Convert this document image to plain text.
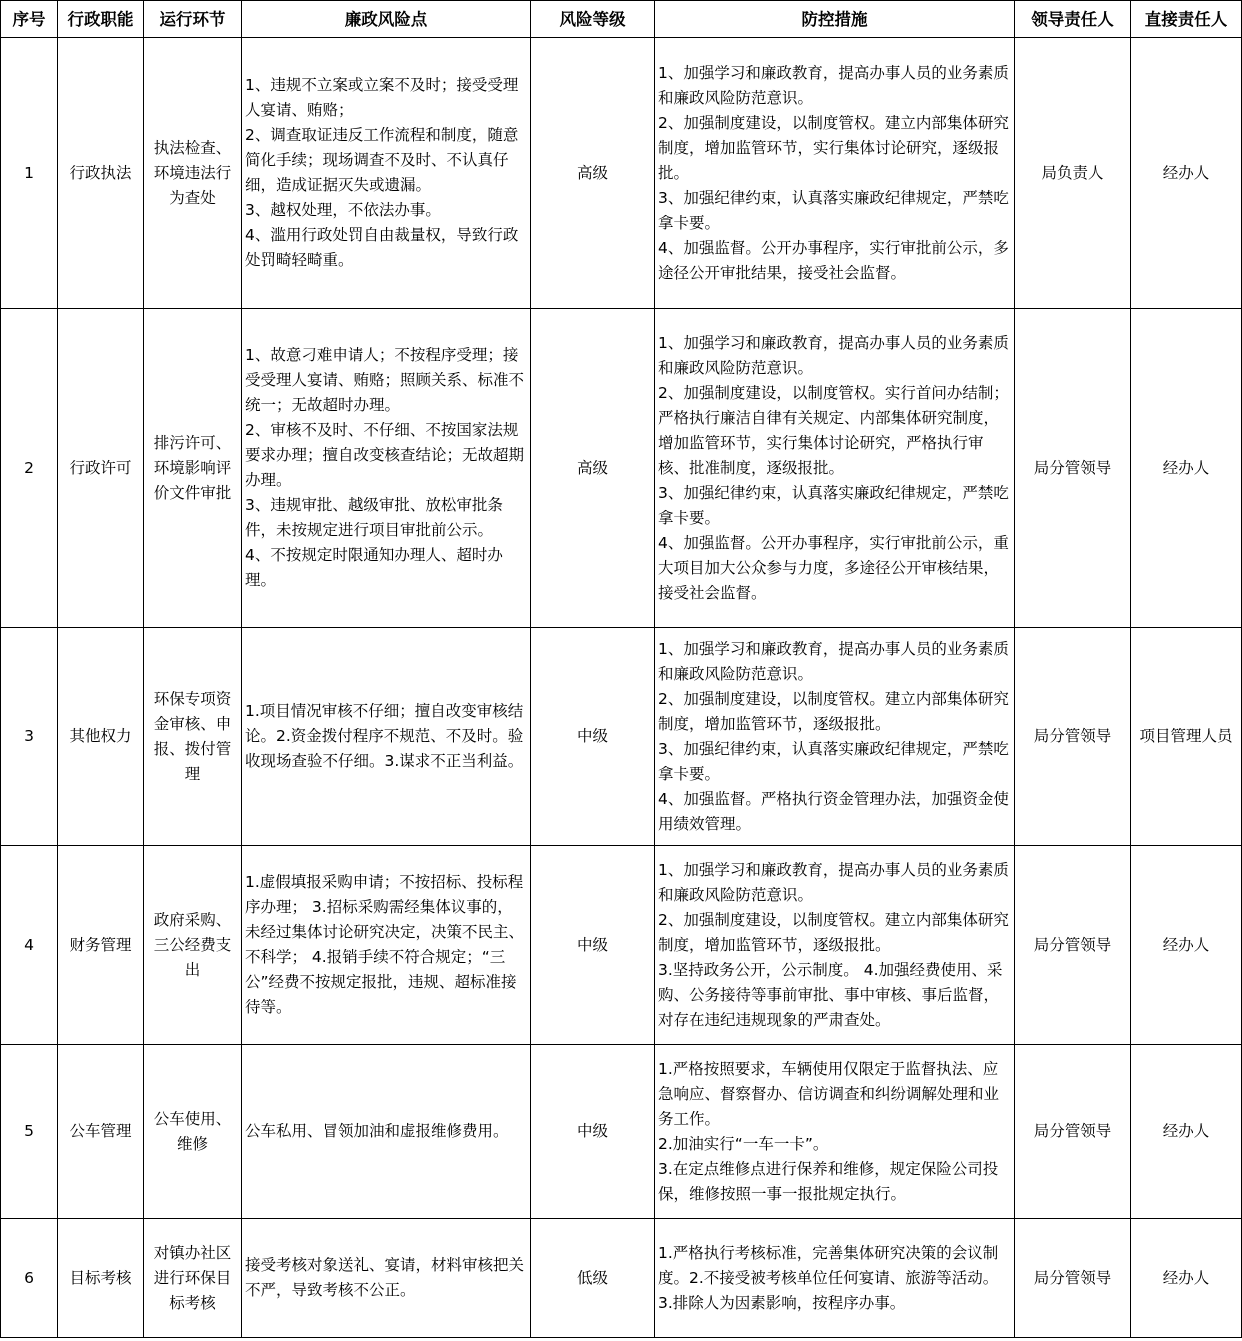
序号	行政职能	运行环节	廉政风险点	风险等级	防控措施	领导责任人	直接责任人
1	行政执法	执法检查、环境违法行为查处	1、违规不立案或立案不及时；接受受理人宴请、贿赂；
2、调查取证违反工作流程和制度，随意简化手续；现场调查不及时、不认真仔细，造成证据灭失或遗漏。
3、越权处理，不依法办事。
4、滥用行政处罚自由裁量权，导致行政处罚畸轻畸重。	高级	1、加强学习和廉政教育，提高办事人员的业务素质和廉政风险防范意识。
2、加强制度建设，以制度管权。建立内部集体研究制度，增加监管环节，实行集体讨论研究，逐级报批。
3、加强纪律约束，认真落实廉政纪律规定，严禁吃拿卡要。
4、加强监督。公开办事程序，实行审批前公示，多途径公开审批结果，接受社会监督。	局负责人	经办人
2	行政许可	排污许可、环境影响评价文件审批	1、故意刁难申请人；不按程序受理；接受受理人宴请、贿赂；照顾关系、标准不统一；无故超时办理。
2、审核不及时、不仔细、不按国家法规要求办理；擅自改变核查结论；无故超期办理。
3、违规审批、越级审批、放松审批条件，未按规定进行项目审批前公示。
4、不按规定时限通知办理人、超时办理。	高级	1、加强学习和廉政教育，提高办事人员的业务素质和廉政风险防范意识。
2、加强制度建设，以制度管权。实行首问办结制；严格执行廉洁自律有关规定、内部集体研究制度，增加监管环节，实行集体讨论研究，严格执行审核、批准制度，逐级报批。
3、加强纪律约束，认真落实廉政纪律规定，严禁吃拿卡要。
4、加强监督。公开办事程序，实行审批前公示，重大项目加大公众参与力度，多途径公开审核结果，接受社会监督。	局分管领导	经办人
3	其他权力	环保专项资金审核、申报、拨付管理	1.项目情况审核不仔细；擅自改变审核结论。2.资金拨付程序不规范、不及时。验收现场查验不仔细。3.谋求不正当利益。	中级	1、加强学习和廉政教育，提高办事人员的业务素质和廉政风险防范意识。
2、加强制度建设，以制度管权。建立内部集体研究制度，增加监管环节，逐级报批。
3、加强纪律约束，认真落实廉政纪律规定，严禁吃拿卡要。
4、加强监督。严格执行资金管理办法，加强资金使用绩效管理。	局分管领导	项目管理人员
4	财务管理	政府采购、三公经费支出	1.虚假填报采购申请；不按招标、投标程序办理； 3.招标采购需经集体议事的，未经过集体讨论研究决定，决策不民主、不科学； 4.报销手续不符合规定；“三公”经费不按规定报批，违规、超标准接待等。	中级	1、加强学习和廉政教育，提高办事人员的业务素质和廉政风险防范意识。
2、加强制度建设，以制度管权。建立内部集体研究制度，增加监管环节，逐级报批。
3.坚持政务公开，公示制度。 4.加强经费使用、采购、公务接待等事前审批、事中审核、事后监督，对存在违纪违规现象的严肃查处。	局分管领导	经办人
5	公车管理	公车使用、维修	公车私用、冒领加油和虚报维修费用。	中级	1.严格按照要求，车辆使用仅限定于监督执法、应急响应、督察督办、信访调查和纠纷调解处理和业务工作。
2.加油实行“一车一卡”。
3.在定点维修点进行保养和维修，规定保险公司投保，维修按照一事一报批规定执行。	局分管领导	经办人
6	目标考核	对镇办社区进行环保目标考核	接受考核对象送礼、宴请，材料审核把关不严，导致考核不公正。	低级	1.严格执行考核标准，完善集体研究决策的会议制度。2.不接受被考核单位任何宴请、旅游等活动。
3.排除人为因素影响，按程序办事。	局分管领导	经办人
